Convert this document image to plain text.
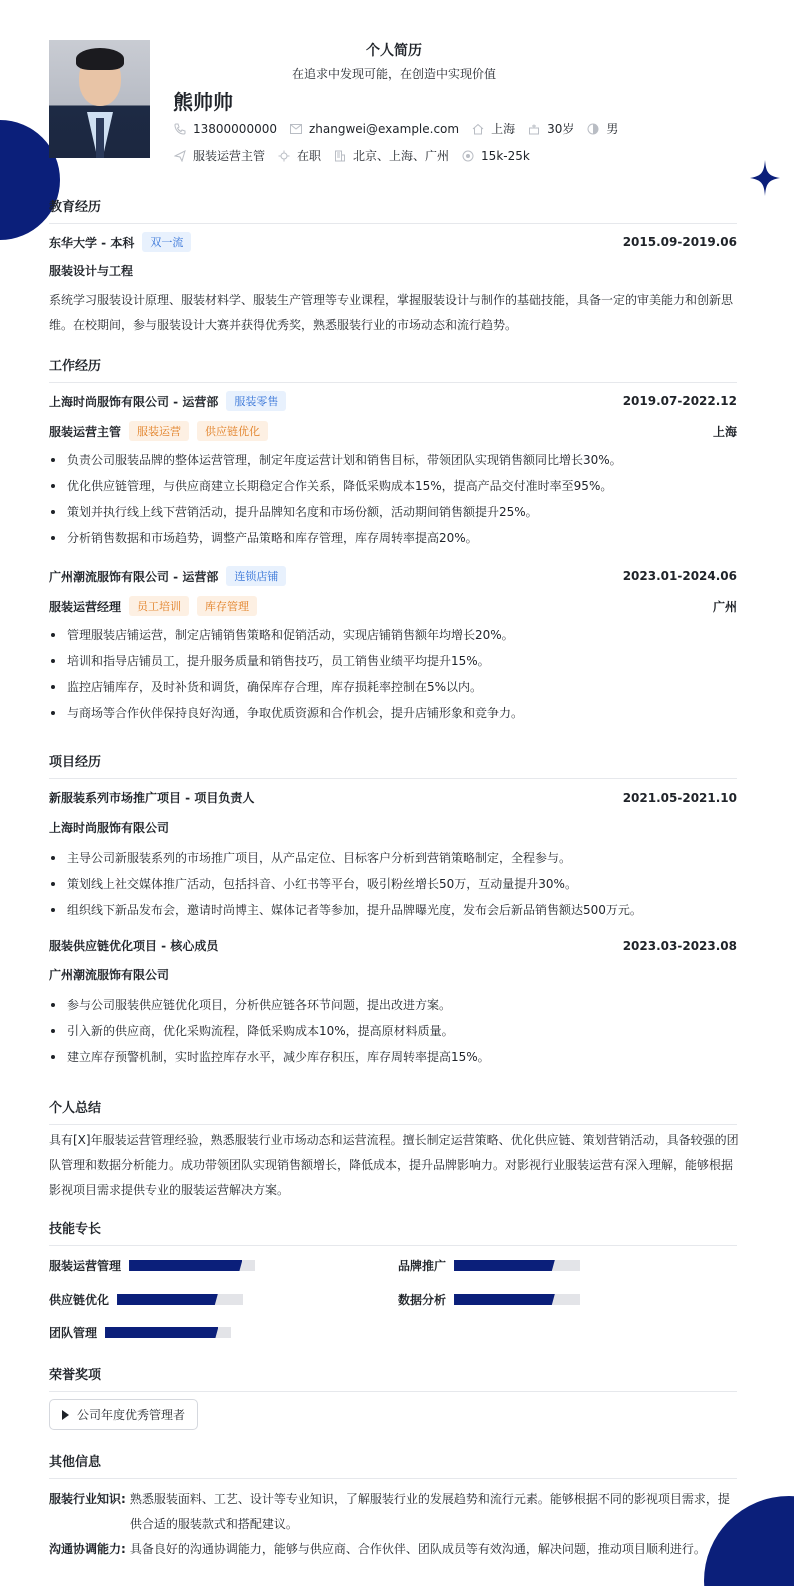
个人简历
在追求中发现可能，在创造中实现价值
熊帅帅
13800000000	zhangwei@example.com	上海	30岁	男
服装运营主管	在职	北京、上海、广州	15k-25k
教育经历
东华大学 - 本科	双一流	2015.09-2019.06
服装设计与工程
系统学习服装设计原理、服装材料学、服装生产管理等专业课程，掌握服装设计与制作的基础技能，具备一定的审美能力和创新思维。在校期间，参与服装设计大赛并获得优秀奖，熟悉服装行业的市场动态和流行趋势。
工作经历
上海时尚服饰有限公司 - 运营部	服装零售	2019.07-2022.12
服装运营主管	服装运营	供应链优化	上海
负责公司服装品牌的整体运营管理，制定年度运营计划和销售目标，带领团队实现销售额同比增长30%。
优化供应链管理，与供应商建立长期稳定合作关系，降低采购成本15%，提高产品交付准时率至95%。
策划并执行线上线下营销活动，提升品牌知名度和市场份额，活动期间销售额提升25%。
分析销售数据和市场趋势，调整产品策略和库存管理，库存周转率提高20%。
广州潮流服饰有限公司 - 运营部	连锁店铺	2023.01-2024.06
服装运营经理	员工培训	库存管理	广州
管理服装店铺运营，制定店铺销售策略和促销活动，实现店铺销售额年均增长20%。
培训和指导店铺员工，提升服务质量和销售技巧，员工销售业绩平均提升15%。
监控店铺库存，及时补货和调货，确保库存合理，库存损耗率控制在5%以内。
与商场等合作伙伴保持良好沟通，争取优质资源和合作机会，提升店铺形象和竞争力。
项目经历
新服装系列市场推广项目 - 项目负责人	2021.05-2021.10
上海时尚服饰有限公司
主导公司新服装系列的市场推广项目，从产品定位、目标客户分析到营销策略制定，全程参与。
策划线上社交媒体推广活动，包括抖音、小红书等平台，吸引粉丝增长50万，互动量提升30%。
组织线下新品发布会，邀请时尚博主、媒体记者等参加，提升品牌曝光度，发布会后新品销售额达500万元。
服装供应链优化项目 - 核心成员	2023.03-2023.08
广州潮流服饰有限公司
参与公司服装供应链优化项目，分析供应链各环节问题，提出改进方案。
引入新的供应商，优化采购流程，降低采购成本10%，提高原材料质量。
建立库存预警机制，实时监控库存水平，减少库存积压，库存周转率提高15%。
个人总结
具有[X]年服装运营管理经验，熟悉服装行业市场动态和运营流程。擅长制定运营策略、优化供应链、策划营销活动，具备较强的团队管理和数据分析能力。成功带领团队实现销售额增长，降低成本，提升品牌影响力。对影视行业服装运营有深入理解，能够根据影视项目需求提供专业的服装运营解决方案。
技能专长
服装运营管理	品牌推广
供应链优化	数据分析
团队管理
荣誉奖项
公司年度优秀管理者
其他信息
服装行业知识: 熟悉服装面料、工艺、设计等专业知识，了解服装行业的发展趋势和流行元素。能够根据不同的影视项目需求，提供合适的服装款式和搭配建议。
沟通协调能力: 具备良好的沟通协调能力，能够与供应商、合作伙伴、团队成员等有效沟通，解决问题，推动项目顺利进行。
